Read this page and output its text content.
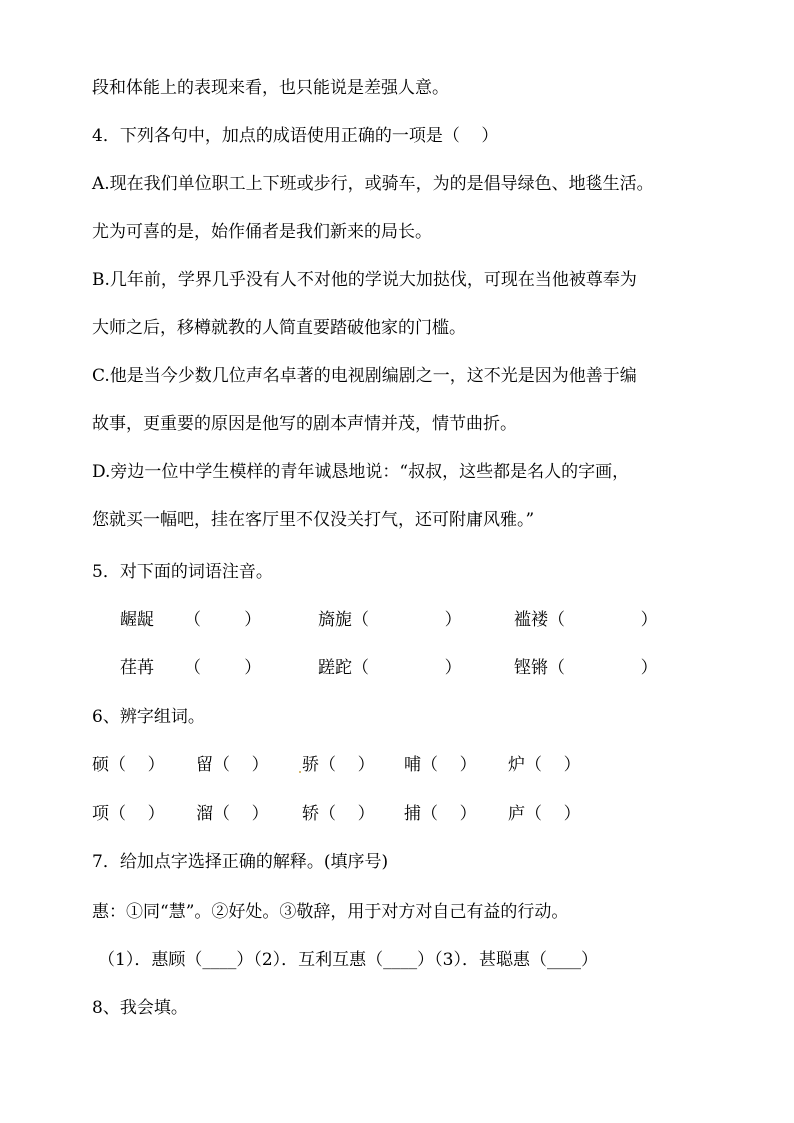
段和体能上的表现来看，也只能说是差强人意。
4．下列各句中，加点的成语使用正确的一项是（    ）
A.现在我们单位职工上下班或步行，或骑车，为的是倡导绿色、地毯生活。
尤为可喜的是，始作俑者是我们新来的局长。
B.几年前，学界几乎没有人不对他的学说大加挞伐，可现在当他被尊奉为
大师之后，移樽就教的人简直要踏破他家的门槛。
C.他是当今少数几位声名卓著的电视剧编剧之一，这不光是因为他善于编
故事，更重要的原因是他写的剧本声情并茂，情节曲折。
D.旁边一位中学生模样的青年诚恳地说：“叔叔，这些都是名人的字画，
您就买一幅吧，挂在客厅里不仅没关打气，还可附庸风雅。”
5．对下面的词语注音。
龌龊 （        ）	旖旎 （              ）	褴褛 （              ）
荏苒 （        ）	蹉跎 （              ）	铿锵 （              ）
6、辨字组词。
硕（    ） 留（    ） 骄（    ） 哺（    ） 炉（    ）
项（    ） 溜（    ） 轿（    ） 捕（    ） 庐（    ）
7．给加点字选择正确的解释。(填序号)
惠：①同“慧”。②好处。③敬辞，用于对方对自己有益的行动。
（1）．惠顾（____）（2）．互利互惠（____）（3）．甚聪惠（____）
8、我会填。
